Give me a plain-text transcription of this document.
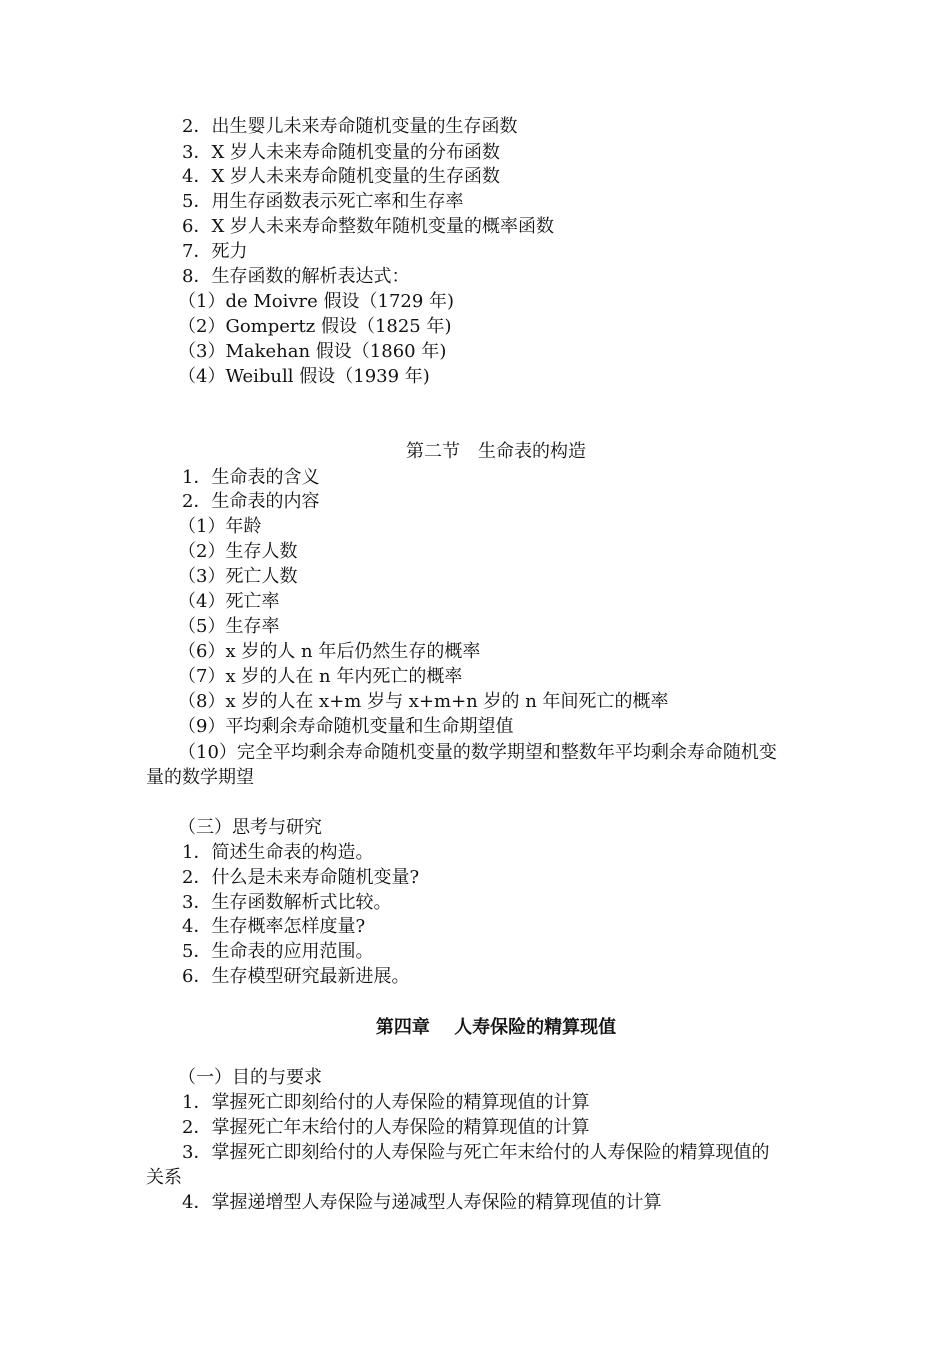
2．出生婴儿未来寿命随机变量的生存函数
3．X 岁人未来寿命随机变量的分布函数
4．X 岁人未来寿命随机变量的生存函数
5．用生存函数表示死亡率和生存率
6．X 岁人未来寿命整数年随机变量的概率函数
7．死力
8．生存函数的解析表达式：
（1）de Moivre 假设（1729 年)
（2）Gompertz 假设（1825 年)
（3）Makehan 假设（1860 年)
（4）Weibull 假设（1939 年)
第二节　生命表的构造
1．生命表的含义
2．生命表的内容
（1）年龄
（2）生存人数
（3）死亡人数
（4）死亡率
（5）生存率
（6）x 岁的人 n 年后仍然生存的概率
（7）x 岁的人在 n 年内死亡的概率
（8）x 岁的人在 x+m 岁与 x+m+n 岁的 n 年间死亡的概率
（9）平均剩余寿命随机变量和生命期望值
（10）完全平均剩余寿命随机变量的数学期望和整数年平均剩余寿命随机变
量的数学期望
（三）思考与研究
1．简述生命表的构造。
2．什么是未来寿命随机变量?
3．生存函数解析式比较。
4．生存概率怎样度量?
5．生命表的应用范围。
6．生存模型研究最新进展。
第四章　 人寿保险的精算现值
（一）目的与要求
1．掌握死亡即刻给付的人寿保险的精算现值的计算
2．掌握死亡年末给付的人寿保险的精算现值的计算
3．掌握死亡即刻给付的人寿保险与死亡年末给付的人寿保险的精算现值的
关系
4．掌握递增型人寿保险与递减型人寿保险的精算现值的计算
